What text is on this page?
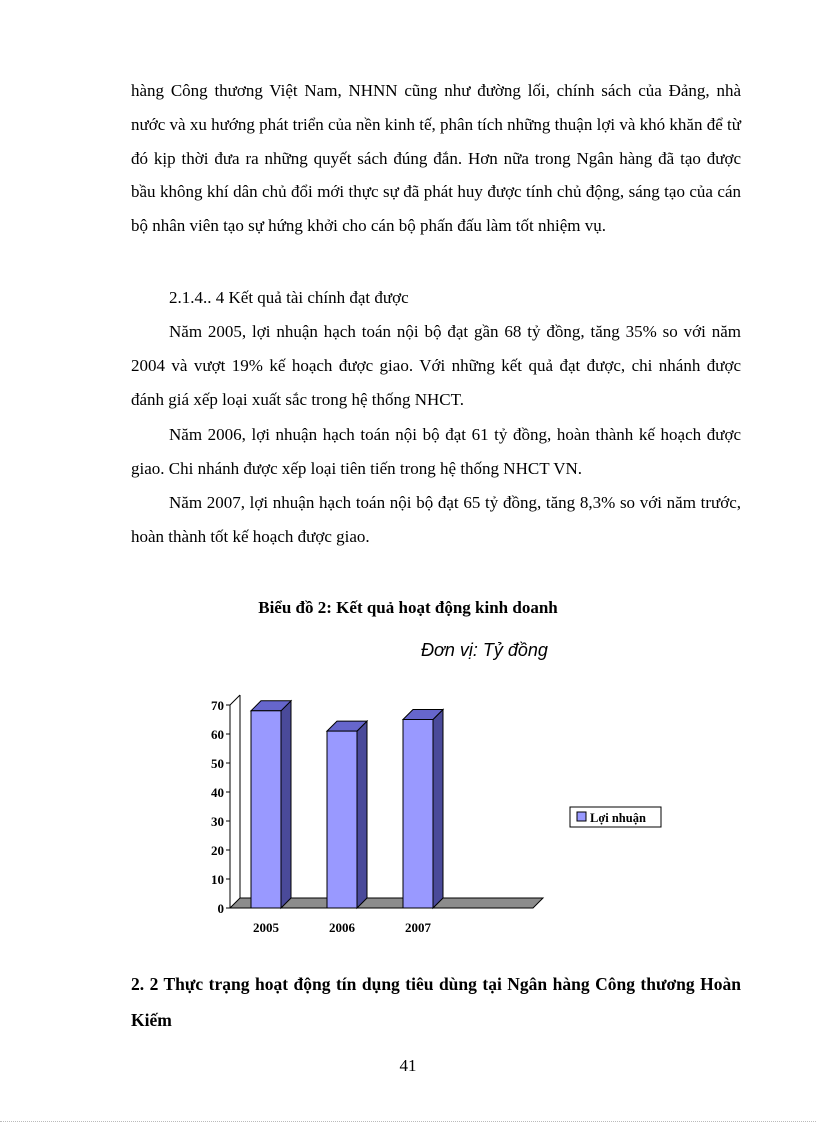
hàng Công thương Việt Nam, NHNN cũng như đường lối, chính sách của Đảng, nhà nước và xu hướng phát triển của nền kinh tế, phân tích những thuận lợi và khó khăn để từ đó kịp thời đưa ra những quyết sách đúng đắn. Hơn nữa trong Ngân hàng đã tạo được bầu không khí dân chủ đổi mới thực sự đã phát huy được tính chủ động, sáng tạo của cán bộ nhân viên tạo sự hứng khởi cho cán bộ phấn đấu làm tốt nhiệm vụ.

2.1.4.. 4 Kết quả tài chính đạt được

Năm 2005, lợi nhuận hạch toán nội bộ đạt gần 68 tỷ đồng, tăng 35% so với năm 2004 và vượt 19% kế hoạch được giao. Với những kết quả đạt được, chi nhánh được đánh giá xếp loại xuất sắc trong hệ thống NHCT.

Năm 2006, lợi nhuận hạch toán nội bộ đạt 61 tỷ đồng, hoàn thành kế hoạch được giao. Chi nhánh được xếp loại tiên tiến trong hệ thống NHCT VN.

Năm 2007, lợi nhuận hạch toán nội bộ đạt 65 tỷ đồng, tăng 8,3% so với năm trước, hoàn thành tốt kế hoạch được giao.

Biểu đồ 2: Kết quả hoạt động kinh doanh

Đơn vị: Tỷ đồng

0
10
20
30
40
50
60
70
2005	2006	2007
Lợi nhuận

2. 2 Thực trạng hoạt động tín dụng tiêu dùng tại Ngân hàng Công thương Hoàn Kiếm

41
